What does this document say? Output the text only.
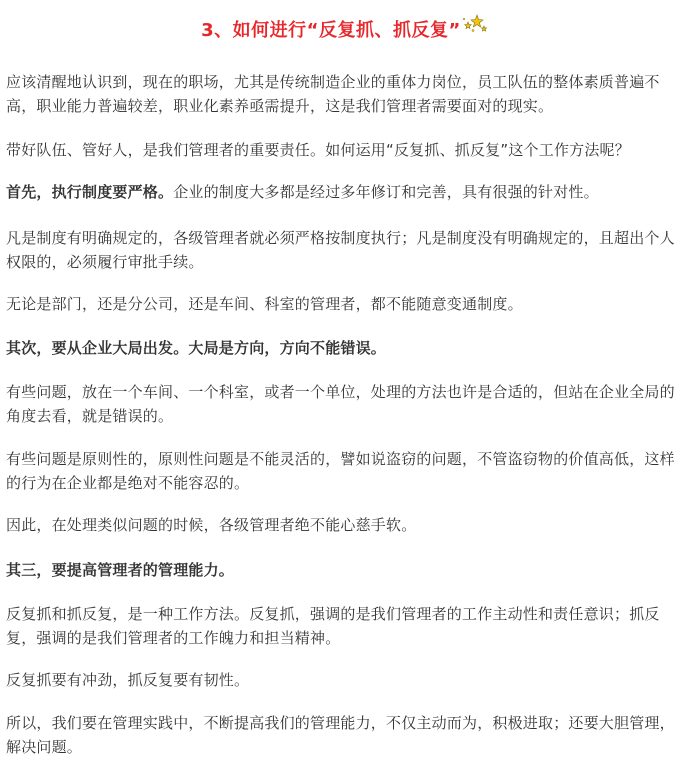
3、如何进行“反复抓、抓反复”

应该清醒地认识到，现在的职场，尤其是传统制造企业的重体力岗位，员工队伍的整体素质普遍不高，职业能力普遍较差，职业化素养亟需提升，这是我们管理者需要面对的现实。

带好队伍、管好人，是我们管理者的重要责任。如何运用“反复抓、抓反复”这个工作方法呢？

首先，执行制度要严格。企业的制度大多都是经过多年修订和完善，具有很强的针对性。

凡是制度有明确规定的，各级管理者就必须严格按制度执行；凡是制度没有明确规定的，且超出个人权限的，必须履行审批手续。

无论是部门，还是分公司，还是车间、科室的管理者，都不能随意变通制度。

其次，要从企业大局出发。大局是方向，方向不能错误。

有些问题，放在一个车间、一个科室，或者一个单位，处理的方法也许是合适的，但站在企业全局的角度去看，就是错误的。

有些问题是原则性的，原则性问题是不能灵活的，譬如说盗窃的问题，不管盗窃物的价值高低，这样的行为在企业都是绝对不能容忍的。

因此，在处理类似问题的时候，各级管理者绝不能心慈手软。

其三，要提高管理者的管理能力。

反复抓和抓反复，是一种工作方法。反复抓，强调的是我们管理者的工作主动性和责任意识；抓反复，强调的是我们管理者的工作魄力和担当精神。

反复抓要有冲劲，抓反复要有韧性。

所以，我们要在管理实践中，不断提高我们的管理能力，不仅主动而为，积极进取；还要大胆管理，解决问题。
